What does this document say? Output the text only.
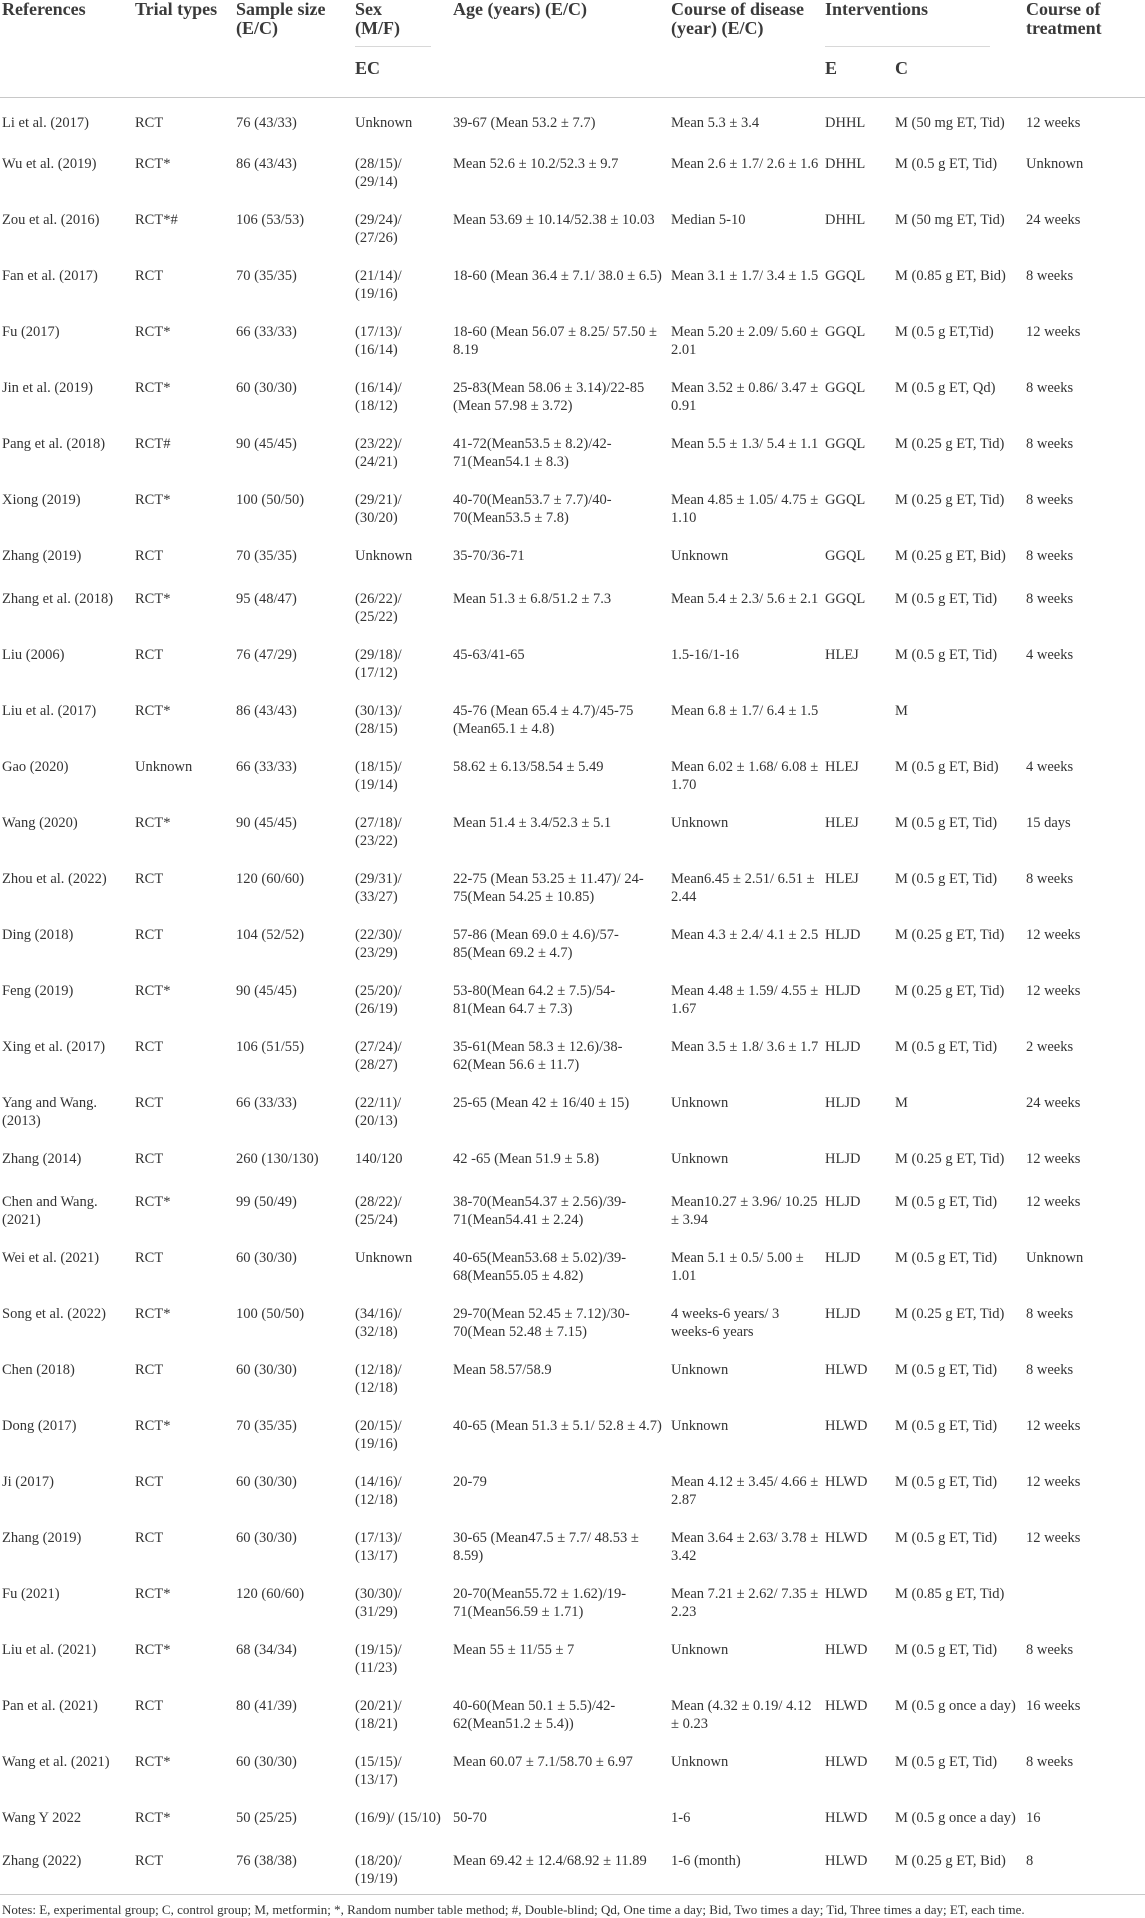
References	Trial types	Sample size (E/C)	Sex (M/F)
EC	Age (years) (E/C)	Course of disease (year) (E/C)	Interventions
E C		Course of treatment
Li et al. (2017)	RCT	76 (43/33)	Unknown	39-67 (Mean 53.2 ± 7.7)	Mean 5.3 ± 3.4	DHHL	M (50 mg ET, Tid)	12 weeks
Wu et al. (2019)	RCT*	86 (43/43)	(28/15)/ (29/14)	Mean 52.6 ± 10.2/52.3 ± 9.7	Mean 2.6 ± 1.7/ 2.6 ± 1.6	DHHL	M (0.5 g ET, Tid)	Unknown
Zou et al. (2016)	RCT*#	106 (53/53)	(29/24)/ (27/26)	Mean 53.69 ± 10.14/52.38 ± 10.03	Median 5-10	DHHL	M (50 mg ET, Tid)	24 weeks
Fan et al. (2017)	RCT	70 (35/35)	(21/14)/ (19/16)	18-60 (Mean 36.4 ± 7.1/ 38.0 ± 6.5)	Mean 3.1 ± 1.7/ 3.4 ± 1.5	GGQL	M (0.85 g ET, Bid)	8 weeks
Fu (2017)	RCT*	66 (33/33)	(17/13)/ (16/14)	18-60 (Mean 56.07 ± 8.25/ 57.50 ± 8.19	Mean 5.20 ± 2.09/ 5.60 ± 2.01	GGQL	M (0.5 g ET,Tid)	12 weeks
Jin et al. (2019)	RCT*	60 (30/30)	(16/14)/ (18/12)	25-83(Mean 58.06 ± 3.14)/22-85 (Mean 57.98 ± 3.72)	Mean 3.52 ± 0.86/ 3.47 ± 0.91	GGQL	M (0.5 g ET, Qd)	8 weeks
Pang et al. (2018)	RCT#	90 (45/45)	(23/22)/ (24/21)	41-72(Mean53.5 ± 8.2)/42-71(Mean54.1 ± 8.3)	Mean 5.5 ± 1.3/ 5.4 ± 1.1	GGQL	M (0.25 g ET, Tid)	8 weeks
Xiong (2019)	RCT*	100 (50/50)	(29/21)/ (30/20)	40-70(Mean53.7 ± 7.7)/40-70(Mean53.5 ± 7.8)	Mean 4.85 ± 1.05/ 4.75 ± 1.10	GGQL	M (0.25 g ET, Tid)	8 weeks
Zhang (2019)	RCT	70 (35/35)	Unknown	35-70/36-71	Unknown	GGQL	M (0.25 g ET, Bid)	8 weeks
Zhang et al. (2018)	RCT*	95 (48/47)	(26/22)/ (25/22)	Mean 51.3 ± 6.8/51.2 ± 7.3	Mean 5.4 ± 2.3/ 5.6 ± 2.1	GGQL	M (0.5 g ET, Tid)	8 weeks
Liu (2006)	RCT	76 (47/29)	(29/18)/ (17/12)	45-63/41-65	1.5-16/1-16	HLEJ	M (0.5 g ET, Tid)	4 weeks
Liu et al. (2017)	RCT*	86 (43/43)	(30/13)/ (28/15)	45-76 (Mean 65.4 ± 4.7)/45-75 (Mean65.1 ± 4.8)	Mean 6.8 ± 1.7/ 6.4 ± 1.5		M	
Gao (2020)	Unknown	66 (33/33)	(18/15)/ (19/14)	58.62 ± 6.13/58.54 ± 5.49	Mean 6.02 ± 1.68/ 6.08 ± 1.70	HLEJ	M (0.5 g ET, Bid)	4 weeks
Wang (2020)	RCT*	90 (45/45)	(27/18)/ (23/22)	Mean 51.4 ± 3.4/52.3 ± 5.1	Unknown	HLEJ	M (0.5 g ET, Tid)	15 days
Zhou et al. (2022)	RCT	120 (60/60)	(29/31)/ (33/27)	22-75 (Mean 53.25 ± 11.47)/ 24-75(Mean 54.25 ± 10.85)	Mean6.45 ± 2.51/ 6.51 ± 2.44	HLEJ	M (0.5 g ET, Tid)	8 weeks
Ding (2018)	RCT	104 (52/52)	(22/30)/ (23/29)	57-86 (Mean 69.0 ± 4.6)/57-85(Mean 69.2 ± 4.7)	Mean 4.3 ± 2.4/ 4.1 ± 2.5	HLJD	M (0.25 g ET, Tid)	12 weeks
Feng (2019)	RCT*	90 (45/45)	(25/20)/ (26/19)	53-80(Mean 64.2 ± 7.5)/54-81(Mean 64.7 ± 7.3)	Mean 4.48 ± 1.59/ 4.55 ± 1.67	HLJD	M (0.25 g ET, Tid)	12 weeks
Xing et al. (2017)	RCT	106 (51/55)	(27/24)/ (28/27)	35-61(Mean 58.3 ± 12.6)/38-62(Mean 56.6 ± 11.7)	Mean 3.5 ± 1.8/ 3.6 ± 1.7	HLJD	M (0.5 g ET, Tid)	2 weeks
Yang and Wang. (2013)	RCT	66 (33/33)	(22/11)/ (20/13)	25-65 (Mean 42 ± 16/40 ± 15)	Unknown	HLJD	M	24 weeks
Zhang (2014)	RCT	260 (130/130)	140/120	42 -65 (Mean 51.9 ± 5.8)	Unknown	HLJD	M (0.25 g ET, Tid)	12 weeks
Chen and Wang. (2021)	RCT*	99 (50/49)	(28/22)/ (25/24)	38-70(Mean54.37 ± 2.56)/39-71(Mean54.41 ± 2.24)	Mean10.27 ± 3.96/ 10.25 ± 3.94	HLJD	M (0.5 g ET, Tid)	12 weeks
Wei et al. (2021)	RCT	60 (30/30)	Unknown	40-65(Mean53.68 ± 5.02)/39-68(Mean55.05 ± 4.82)	Mean 5.1 ± 0.5/ 5.00 ± 1.01	HLJD	M (0.5 g ET, Tid)	Unknown
Song et al. (2022)	RCT*	100 (50/50)	(34/16)/ (32/18)	29-70(Mean 52.45 ± 7.12)/30-70(Mean 52.48 ± 7.15)	4 weeks-6 years/ 3 weeks-6 years	HLJD	M (0.25 g ET, Tid)	8 weeks
Chen (2018)	RCT	60 (30/30)	(12/18)/ (12/18)	Mean 58.57/58.9	Unknown	HLWD	M (0.5 g ET, Tid)	8 weeks
Dong (2017)	RCT*	70 (35/35)	(20/15)/ (19/16)	40-65 (Mean 51.3 ± 5.1/ 52.8 ± 4.7)	Unknown	HLWD	M (0.5 g ET, Tid)	12 weeks
Ji (2017)	RCT	60 (30/30)	(14/16)/ (12/18)	20-79	Mean 4.12 ± 3.45/ 4.66 ± 2.87	HLWD	M (0.5 g ET, Tid)	12 weeks
Zhang (2019)	RCT	60 (30/30)	(17/13)/ (13/17)	30-65 (Mean47.5 ± 7.7/ 48.53 ± 8.59)	Mean 3.64 ± 2.63/ 3.78 ± 3.42	HLWD	M (0.5 g ET, Tid)	12 weeks
Fu (2021)	RCT*	120 (60/60)	(30/30)/ (31/29)	20-70(Mean55.72 ± 1.62)/19-71(Mean56.59 ± 1.71)	Mean 7.21 ± 2.62/ 7.35 ± 2.23	HLWD	M (0.85 g ET, Tid)	
Liu et al. (2021)	RCT*	68 (34/34)	(19/15)/ (11/23)	Mean 55 ± 11/55 ± 7	Unknown	HLWD	M (0.5 g ET, Tid)	8 weeks
Pan et al. (2021)	RCT	80 (41/39)	(20/21)/ (18/21)	40-60(Mean 50.1 ± 5.5)/42-62(Mean51.2 ± 5.4))	Mean (4.32 ± 0.19/ 4.12 ± 0.23	HLWD	M (0.5 g once a day)	16 weeks
Wang et al. (2021)	RCT*	60 (30/30)	(15/15)/ (13/17)	Mean 60.07 ± 7.1/58.70 ± 6.97	Unknown	HLWD	M (0.5 g ET, Tid)	8 weeks
Wang Y 2022	RCT*	50 (25/25)	(16/9)/ (15/10)	50-70	1-6	HLWD	M (0.5 g once a day)	16
Zhang (2022)	RCT	76 (38/38)	(18/20)/ (19/19)	Mean 69.42 ± 12.4/68.92 ± 11.89	1-6 (month)	HLWD	M (0.25 g ET, Bid)	8
Notes: E, experimental group; C, control group; M, metformin; *, Random number table method; #, Double-blind; Qd, One time a day; Bid, Two times a day; Tid, Three times a day; ET, each time.								
